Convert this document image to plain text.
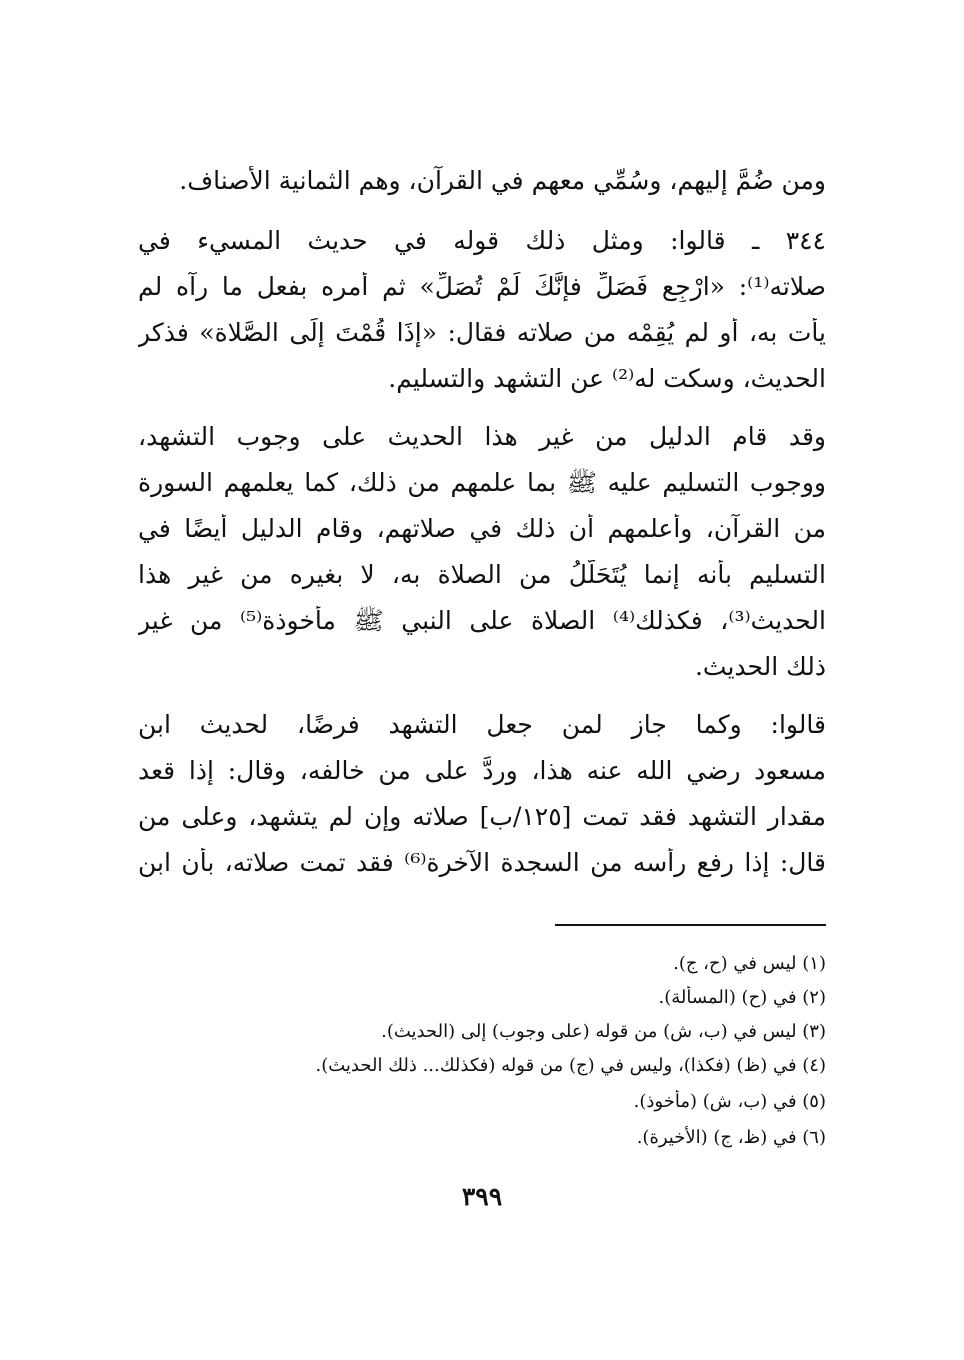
ومن ضُمَّ إليهم، وسُمِّي معهم في القرآن، وهم الثمانية الأصناف.
٣٤٤ ـ قالوا: ومثل ذلك قوله في حديث المسيء في
صلاته⁽¹⁾: «ارْجِع فَصَلِّ فإنَّكَ لَمْ تُصَلِّ» ثم أمره بفعل ما رآه لم
يأت به، أو لم يُقِمْه من صلاته فقال: «إذَا قُمْتَ إلَى الصَّلاة» فذكر
الحديث، وسكت له⁽²⁾ عن التشهد والتسليم.
وقد قام الدليل من غير هذا الحديث على وجوب التشهد،
ووجوب التسليم عليه ﷺ بما علمهم من ذلك، كما يعلمهم السورة
من القرآن، وأعلمهم أن ذلك في صلاتهم، وقام الدليل أيضًا في
التسليم بأنه إنما يُتَحَلَّلُ من الصلاة به، لا بغيره من غير هذا
الحديث⁽³⁾، فكذلك⁽⁴⁾ الصلاة على النبي ﷺ مأخوذة⁽⁵⁾ من غير
ذلك الحديث.
قالوا: وكما جاز لمن جعل التشهد فرضًا، لحديث ابن
مسعود رضي الله عنه هذا، وردَّ على من خالفه، وقال: إذا قعد
مقدار التشهد فقد تمت [١٢٥/ب] صلاته وإن لم يتشهد، وعلى من
قال: إذا رفع رأسه من السجدة الآخرة⁽⁶⁾ فقد تمت صلاته، بأن ابن
(١) ليس في (ح، ج).
(٢) في (ح) (المسألة).
(٣) ليس في (ب، ش) من قوله (على وجوب) إلى (الحديث).
(٤) في (ظ) (فكذا)، وليس في (ج) من قوله (فكذلك... ذلك الحديث).
(٥) في (ب، ش) (مأخوذ).
(٦) في (ظ، ج) (الأخيرة).
٣٩٩
